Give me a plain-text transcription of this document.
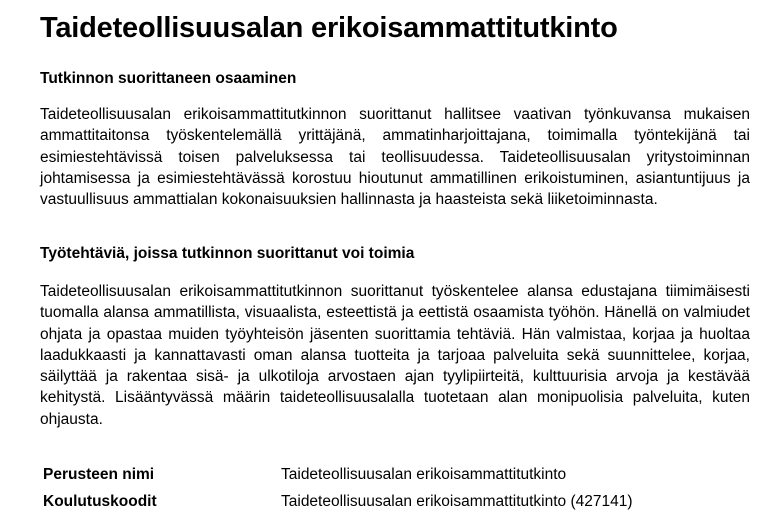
Taideteollisuusalan erikoisammattitutkinto
Tutkinnon suorittaneen osaaminen

Taideteollisuusalan erikoisammattitutkinnon suorittanut hallitsee vaativan työnkuvansa mukaisen ammattitaitonsa työskentelemällä yrittäjänä, ammatinharjoittajana, toimimalla työntekijänä tai esimiestehtävissä toisen palveluksessa tai teollisuudessa. Taideteollisuusalan yritystoiminnan johtamisessa ja esimiestehtävässä korostuu hioutunut ammatillinen erikoistuminen, asiantuntijuus ja vastuullisuus ammattialan kokonaisuuksien hallinnasta ja haasteista sekä liiketoiminnasta.

Työtehtäviä, joissa tutkinnon suorittanut voi toimia

Taideteollisuusalan erikoisammattitutkinnon suorittanut työskentelee alansa edustajana tiimimäisesti tuomalla alansa ammatillista, visuaalista, esteettistä ja eettistä osaamista työhön. Hänellä on valmiudet ohjata ja opastaa muiden työyhteisön jäsenten suorittamia tehtäviä. Hän valmistaa, korjaa ja huoltaa laadukkaasti ja kannattavasti oman alansa tuotteita ja tarjoaa palveluita sekä suunnittelee, korjaa, säilyttää ja rakentaa sisä- ja ulkotiloja arvostaen ajan tyylipiirteitä, kulttuurisia arvoja ja kestävää kehitystä. Lisääntyvässä määrin taideteollisuusalalla tuotetaan alan monipuolisia palveluita, kuten ohjausta.

Perusteen nimi	Taideteollisuusalan erikoisammattitutkinto
Koulutuskoodit	Taideteollisuusalan erikoisammattitutkinto (427141)
